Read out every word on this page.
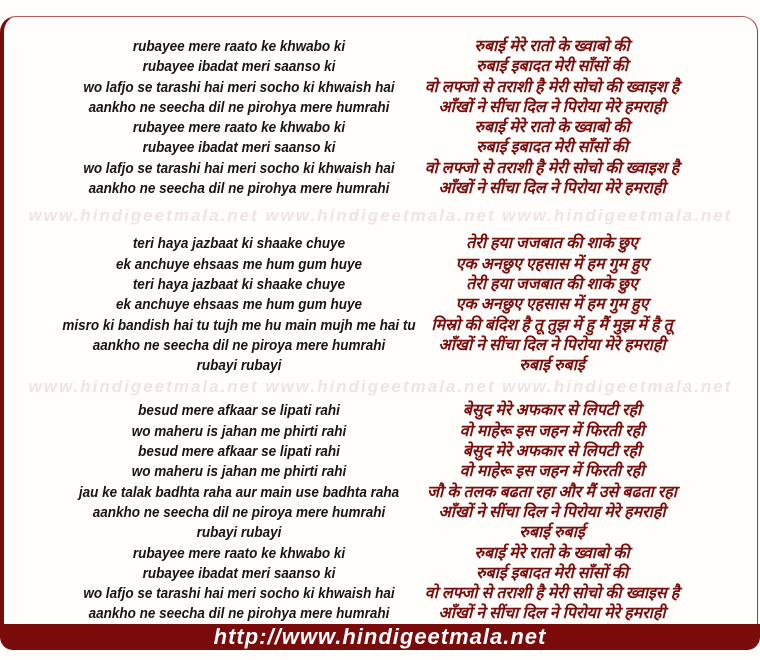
rubayee mere raato ke khwabo ki
rubayee ibadat meri saanso ki
wo lafjo se tarashi hai meri socho ki khwaish hai
aankho ne seecha dil ne pirohya mere humrahi
rubayee mere raato ke khwabo ki
rubayee ibadat meri saanso ki
wo lafjo se tarashi hai meri socho ki khwaish hai
aankho ne seecha dil ne pirohya mere humrahi
रुबाई मेरे रातो के ख्वाबो की
रुबाई इबादत मेरी साँसों की
वो लफ्जो से तराशी है मेरी सोचो की ख्वाइश है
आँखों ने सींचा दिल ने पिरोया मेरे हमराही
रुबाई मेरे रातो के ख्वाबो की
रुबाई इबादत मेरी साँसों की
वो लफ्जो से तराशी है मेरी सोचो की ख्वाइश है
आँखों ने सींचा दिल ने पिरोया मेरे हमराही
www.hindigeetmala.net www.hindigeetmala.net www.hindigeetmala.net
teri haya jazbaat ki shaake chuye
ek anchuye ehsaas me hum gum huye
teri haya jazbaat ki shaake chuye
ek anchuye ehsaas me hum gum huye
misro ki bandish hai tu tujh me hu main mujh me hai tu
aankho ne seecha dil ne piroya mere humrahi
rubayi rubayi
तेरी हया जजबात की शाके छुए
एक अनछुए एहसास में हम गुम हुए
तेरी हया जजबात की शाके छुए
एक अनछुए एहसास में हम गुम हुए
मिस्रो की बंदिश है तू तुझ में हु मैं मुझ में है तू
आँखों ने सींचा दिल ने पिरोया मेरे हमराही
रुबाई रुबाई
www.hindigeetmala.net www.hindigeetmala.net www.hindigeetmala.net
besud mere afkaar se lipati rahi
wo maheru is jahan me phirti rahi
besud mere afkaar se lipati rahi
wo maheru is jahan me phirti rahi
jau ke talak badhta raha aur main use badhta raha
aankho ne seecha dil ne piroya mere humrahi
rubayi rubayi
rubayee mere raato ke khwabo ki
rubayee ibadat meri saanso ki
wo lafjo se tarashi hai meri socho ki khwaish hai
aankho ne seecha dil ne pirohya mere humrahi
बेसुद मेरे अफकार से लिपटी रही
वो माहेरू इस जहन में फिरती रही
बेसुद मेरे अफकार से लिपटी रही
वो माहेरू इस जहन में फिरती रही
जौ के तलक बढता रहा और मैं उसे बढता रहा
आँखों ने सींचा दिल ने पिरोया मेरे हमराही
रुबाई रुबाई
रुबाई मेरे रातो के ख्वाबो की
रुबाई इबादत मेरी साँसों की
वो लफ्जो से तराशी है मेरी सोचो की ख्वाइस है
आँखों ने सींचा दिल ने पिरोया मेरे हमराही
http://www.hindigeetmala.net
